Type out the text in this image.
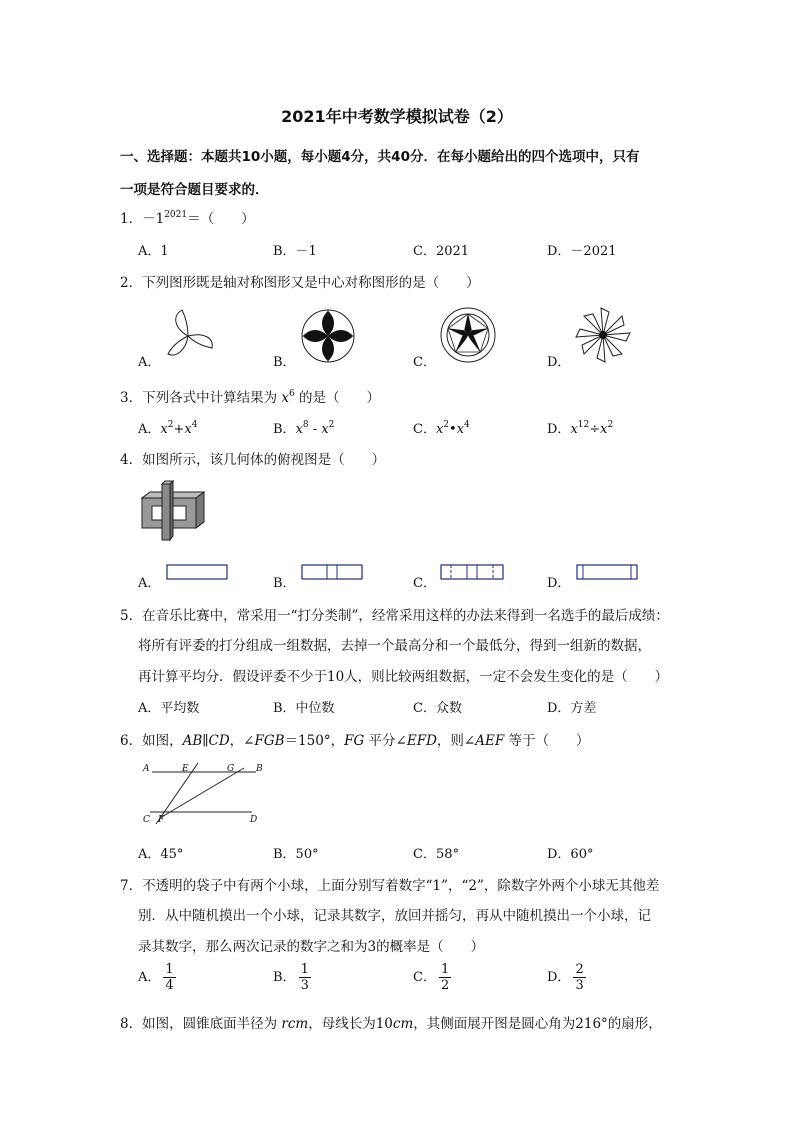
2021年中考数学模拟试卷（2）
一、选择题：本题共10小题，每小题4分，共40分．在每小题给出的四个选项中，只有
一项是符合题目要求的．
1．$-1^{2021}=$（　　）
A．1	B．－1	C．2021	D．－2021
2．下列图形既是轴对称图形又是中心对称图形的是（　　）
A．	B．	C．	D．
3．下列各式中计算结果为 $x^6$ 的是（　　）
A．$x^2+x^4$	B．$x^8 - x^2$	C．$x^2•x^4$	D．$x^{12}\div x^2$
4．如图所示，该几何体的俯视图是（　　）
A．	B．	C．	D．
5．在音乐比赛中，常采用一“打分类制”，经常采用这样的办法来得到一名选手的最后成绩：
将所有评委的打分组成一组数据，去掉一个最高分和一个最低分，得到一组新的数据，
再计算平均分．假设评委不少于10人，则比较两组数据，一定不会发生变化的是（　　）
A．平均数	B．中位数	C．众数	D．方差
6．如图，AB∥CD，∠FGB＝150°，FG 平分∠EFD，则∠AEF 等于（　　）
A	E	G B
C F	D
A．45°	B．50°	C．58°	D．60°
7．不透明的袋子中有两个小球，上面分别写着数字“1”，“2”，除数字外两个小球无其他差
别．从中随机摸出一个小球，记录其数字，放回并摇匀，再从中随机摸出一个小球，记
录其数字，那么两次记录的数字之和为3的概率是（　　）
A． $\frac{1}{4}$	B． $\frac{1}{3}$	C． $\frac{1}{2}$	D． $\frac{2}{3}$
8．如图，圆锥底面半径为 rcm，母线长为10cm，其侧面展开图是圆心角为216°的扇形，
